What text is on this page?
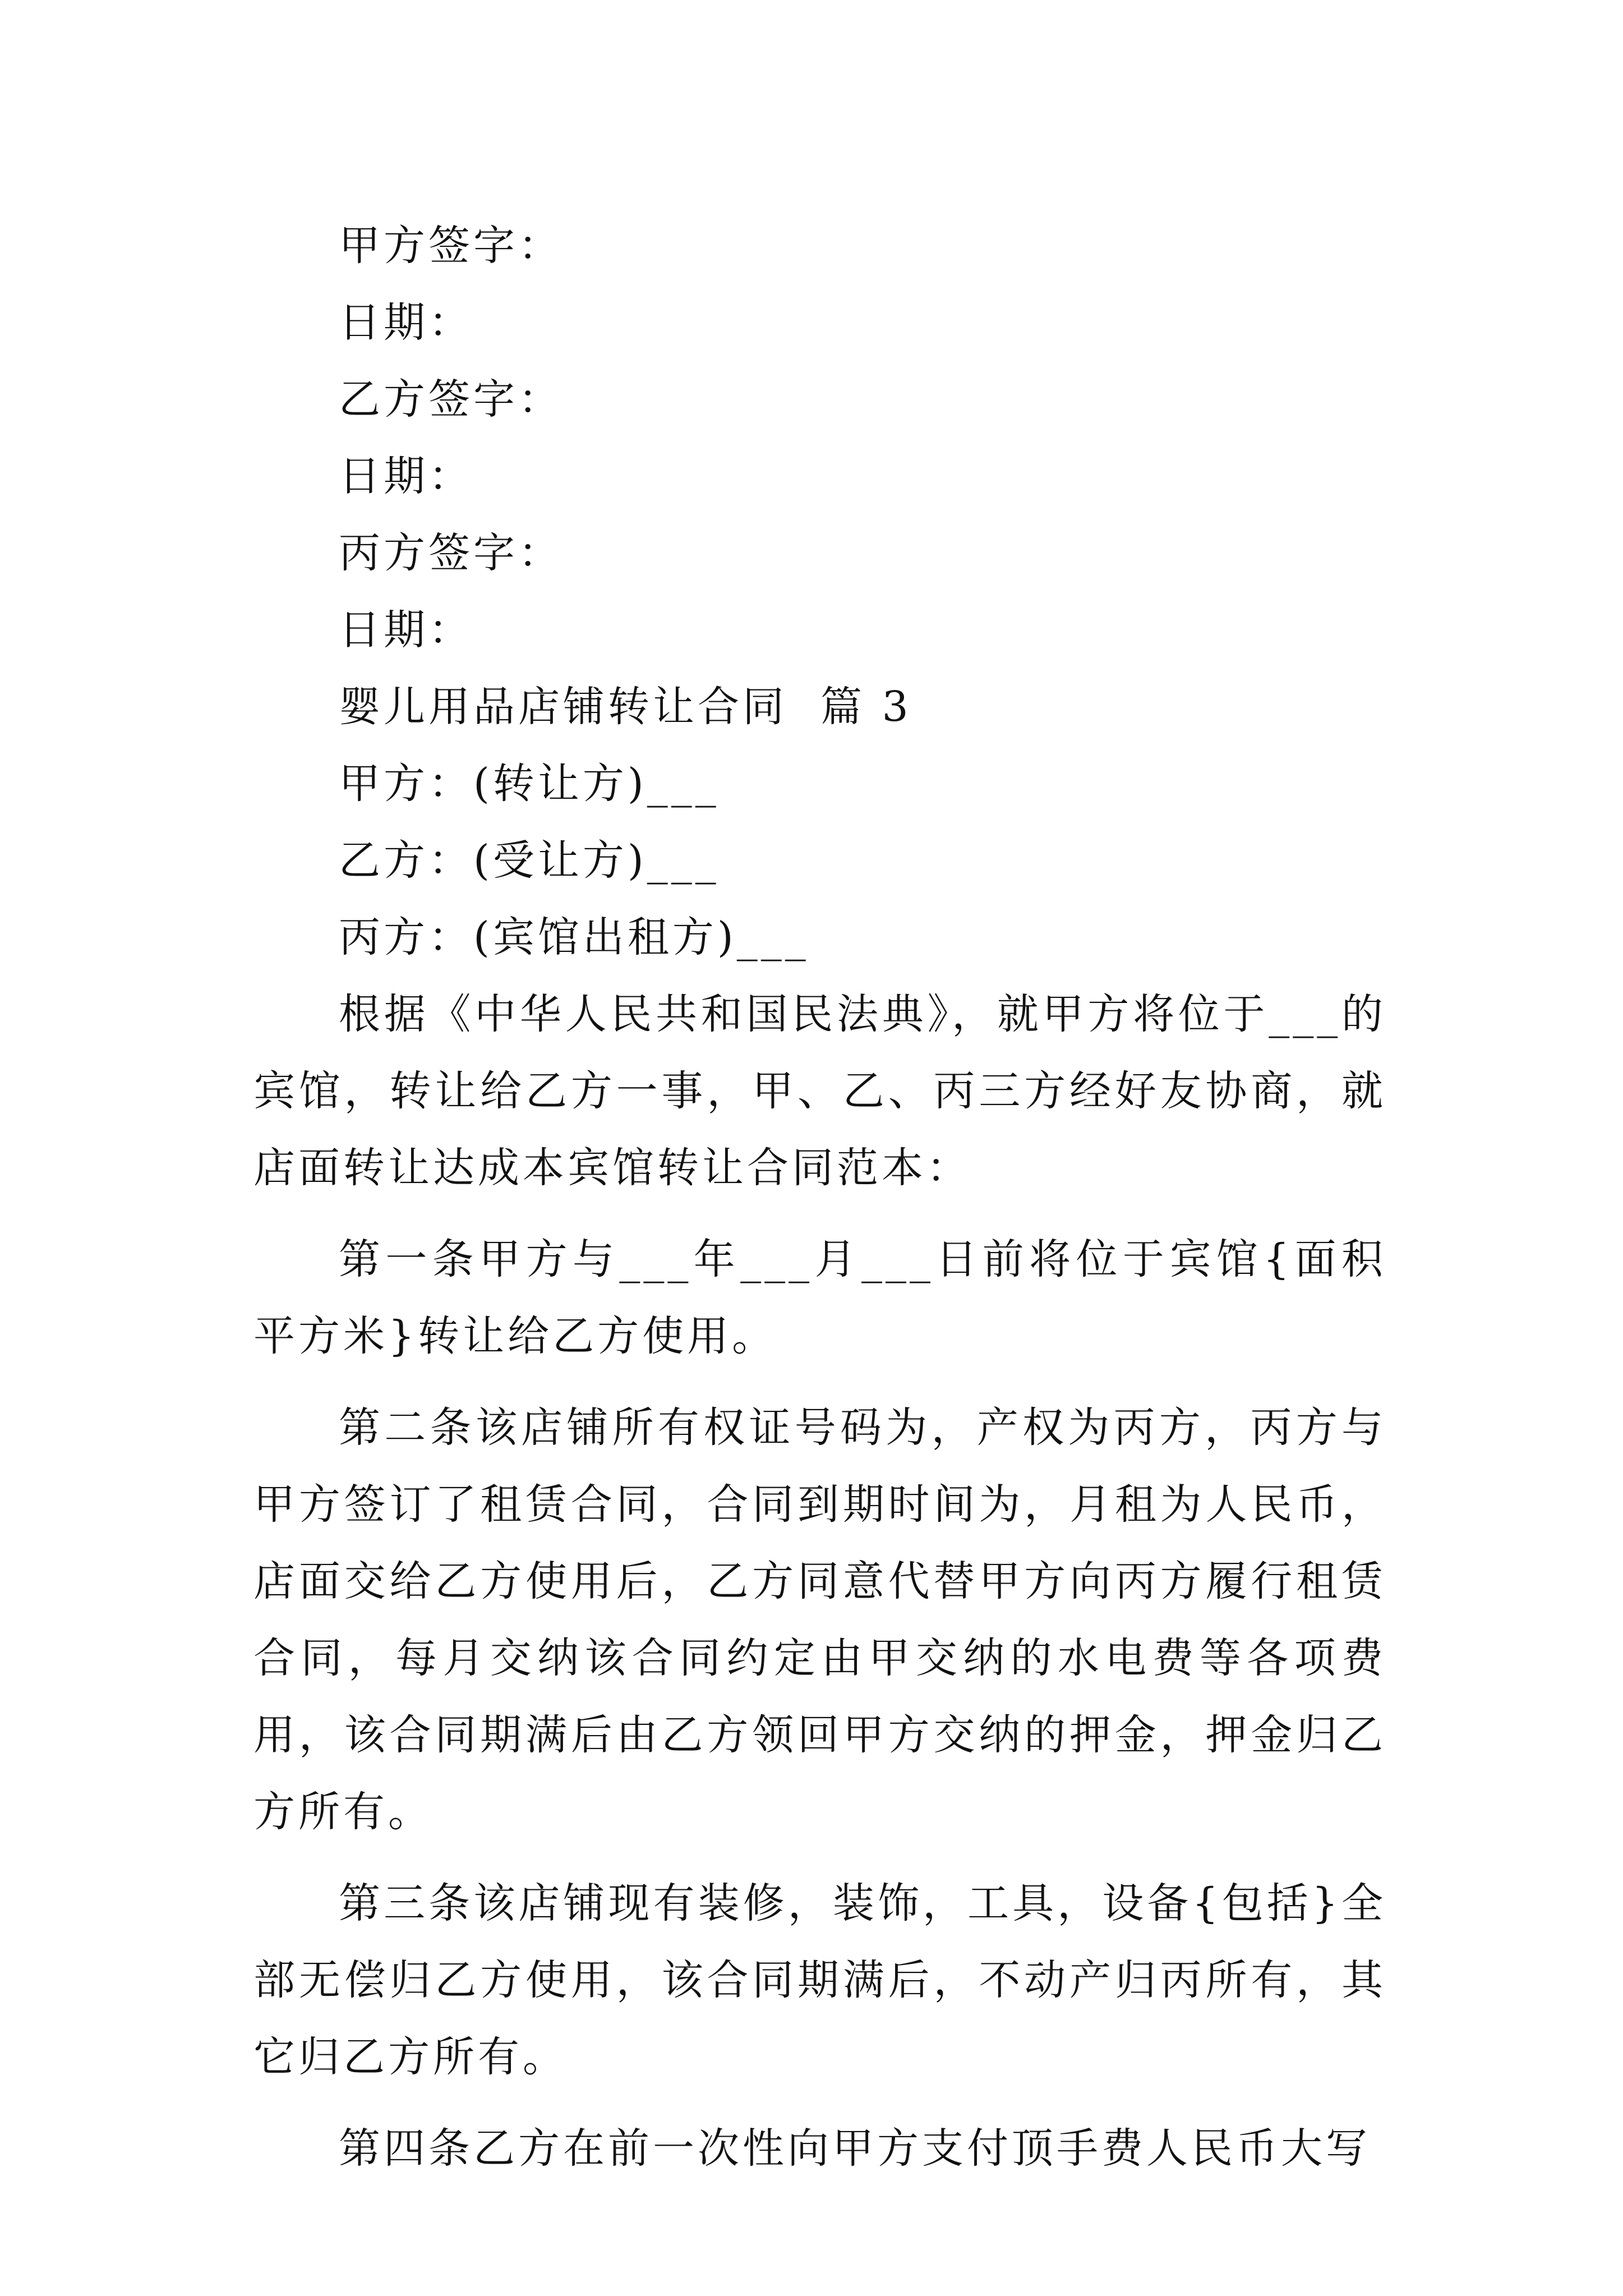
甲方签字：

日期：

乙方签字：

日期：

丙方签字：

日期：

婴儿用品店铺转让合同  篇 3

甲方：(转让方)___

乙方：(受让方)___

丙方：(宾馆出租方)___

根据《中华人民共和国民法典》，就甲方将位于___的宾馆，转让给乙方一事，甲、乙、丙三方经好友协商，就店面转让达成本宾馆转让合同范本：

第一条甲方与___年___月___日前将位于宾馆{面积平方米}转让给乙方使用。

第二条该店铺所有权证号码为，产权为丙方，丙方与甲方签订了租赁合同，合同到期时间为，月租为人民币，店面交给乙方使用后，乙方同意代替甲方向丙方履行租赁合同，每月交纳该合同约定由甲交纳的水电费等各项费用，该合同期满后由乙方领回甲方交纳的押金，押金归乙方所有。

第三条该店铺现有装修，装饰，工具，设备{包括}全部无偿归乙方使用，该合同期满后，不动产归丙所有，其它归乙方所有。

第四条乙方在前一次性向甲方支付顶手费人民币大写
